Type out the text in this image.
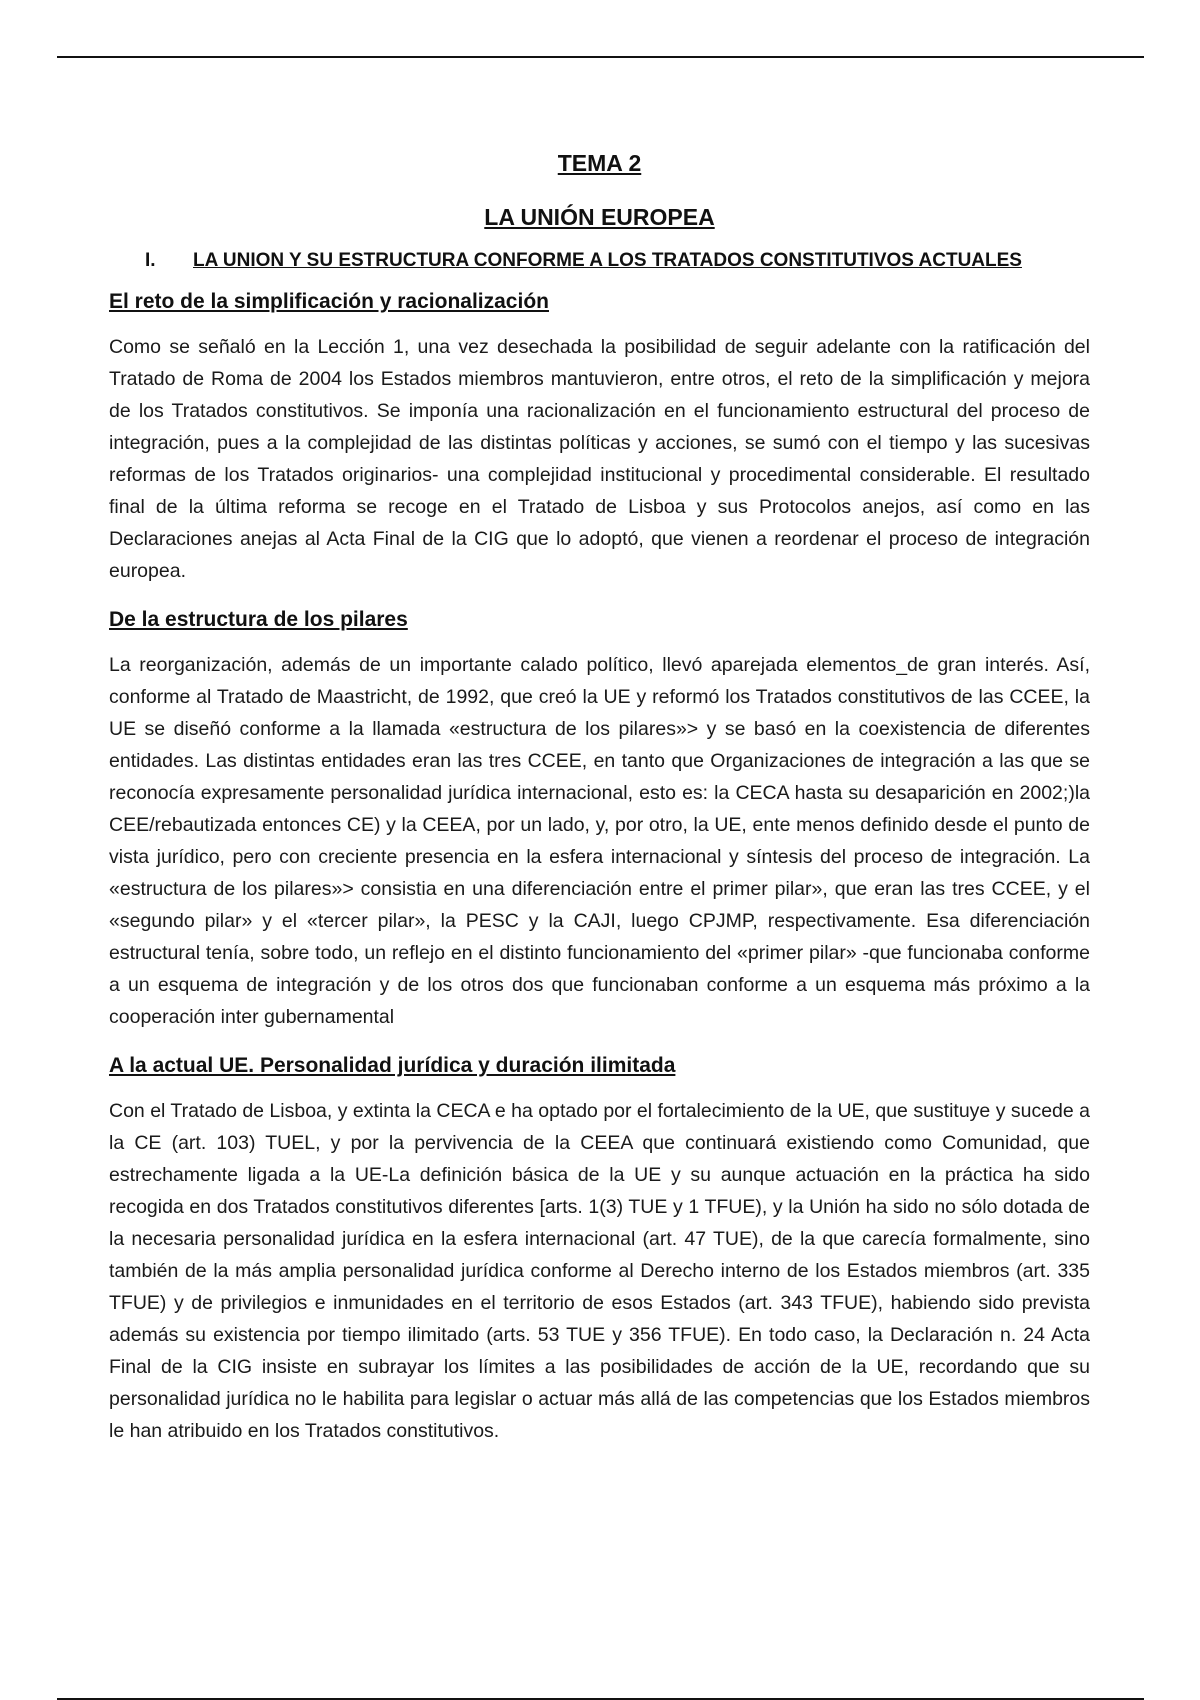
TEMA 2
LA UNIÓN EUROPEA
I.	LA UNION Y SU ESTRUCTURA CONFORME A LOS TRATADOS CONSTITUTIVOS ACTUALES
El reto de la simplificación y racionalización

Como se señaló en la Lección 1, una vez desechada la posibilidad de seguir adelante con la ratificación del Tratado de Roma de 2004 los Estados miembros mantuvieron, entre otros, el reto de la simplificación y mejora de los Tratados constitutivos. Se imponía una racionalización en el funcionamiento estructural del proceso de integración, pues a la complejidad de las distintas políticas y acciones, se sumó con el tiempo y las sucesivas reformas de los Tratados originarios- una complejidad institucional y procedimental considerable. El resultado final de la última reforma se recoge en el Tratado de Lisboa y sus Protocolos anejos, así como en las Declaraciones anejas al Acta Final de la CIG que lo adoptó, que vienen a reordenar el proceso de integración europea.

De la estructura de los pilares

La reorganización, además de un importante calado político, llevó aparejada elementos_de gran interés. Así, conforme al Tratado de Maastricht, de 1992, que creó la UE y reformó los Tratados constitutivos de las CCEE, la UE se diseñó conforme a la llamada «estructura de los pilares»> y se basó en la coexistencia de diferentes entidades. Las distintas entidades eran las tres CCEE, en tanto que Organizaciones de integración a las que se reconocía expresamente personalidad jurídica internacional, esto es: la CECA hasta su desaparición en 2002;)la CEE/rebautizada entonces CE) y la CEEA, por un lado, y, por otro, la UE, ente menos definido desde el punto de vista jurídico, pero con creciente presencia en la esfera internacional y síntesis del proceso de integración. La «estructura de los pilares»> consistia en una diferenciación entre el primer pilar», que eran las tres CCEE, y el «segundo pilar» y el «tercer pilar», la PESC y la CAJI, luego CPJMP, respectivamente. Esa diferenciación estructural tenía, sobre todo, un reflejo en el distinto funcionamiento del «primer pilar» -que funcionaba conforme a un esquema de integración y de los otros dos que funcionaban conforme a un esquema más próximo a la cooperación inter gubernamental

A la actual UE. Personalidad jurídica y duración ilimitada

Con el Tratado de Lisboa, y extinta la CECA e ha optado por el fortalecimiento de la UE, que sustituye y sucede a la CE (art. 103) TUEL, y por la pervivencia de la CEEA que continuará existiendo como Comunidad, que estrechamente ligada a la UE-La definición básica de la UE y su aunque actuación en la práctica ha sido recogida en dos Tratados constitutivos diferentes [arts. 1(3) TUE y 1 TFUE), y la Unión ha sido no sólo dotada de la necesaria personalidad jurídica en la esfera internacional (art. 47 TUE), de la que carecía formalmente, sino también de la más amplia personalidad jurídica conforme al Derecho interno de los Estados miembros (art. 335 TFUE) y de privilegios e inmunidades en el territorio de esos Estados (art. 343 TFUE), habiendo sido prevista además su existencia por tiempo ilimitado (arts. 53 TUE y 356 TFUE). En todo caso, la Declaración n. 24 Acta Final de la CIG insiste en subrayar los límites a las posibilidades de acción de la UE, recordando que su personalidad jurídica no le habilita para legislar o actuar más allá de las competencias que los Estados miembros le han atribuido en los Tratados constitutivos.
